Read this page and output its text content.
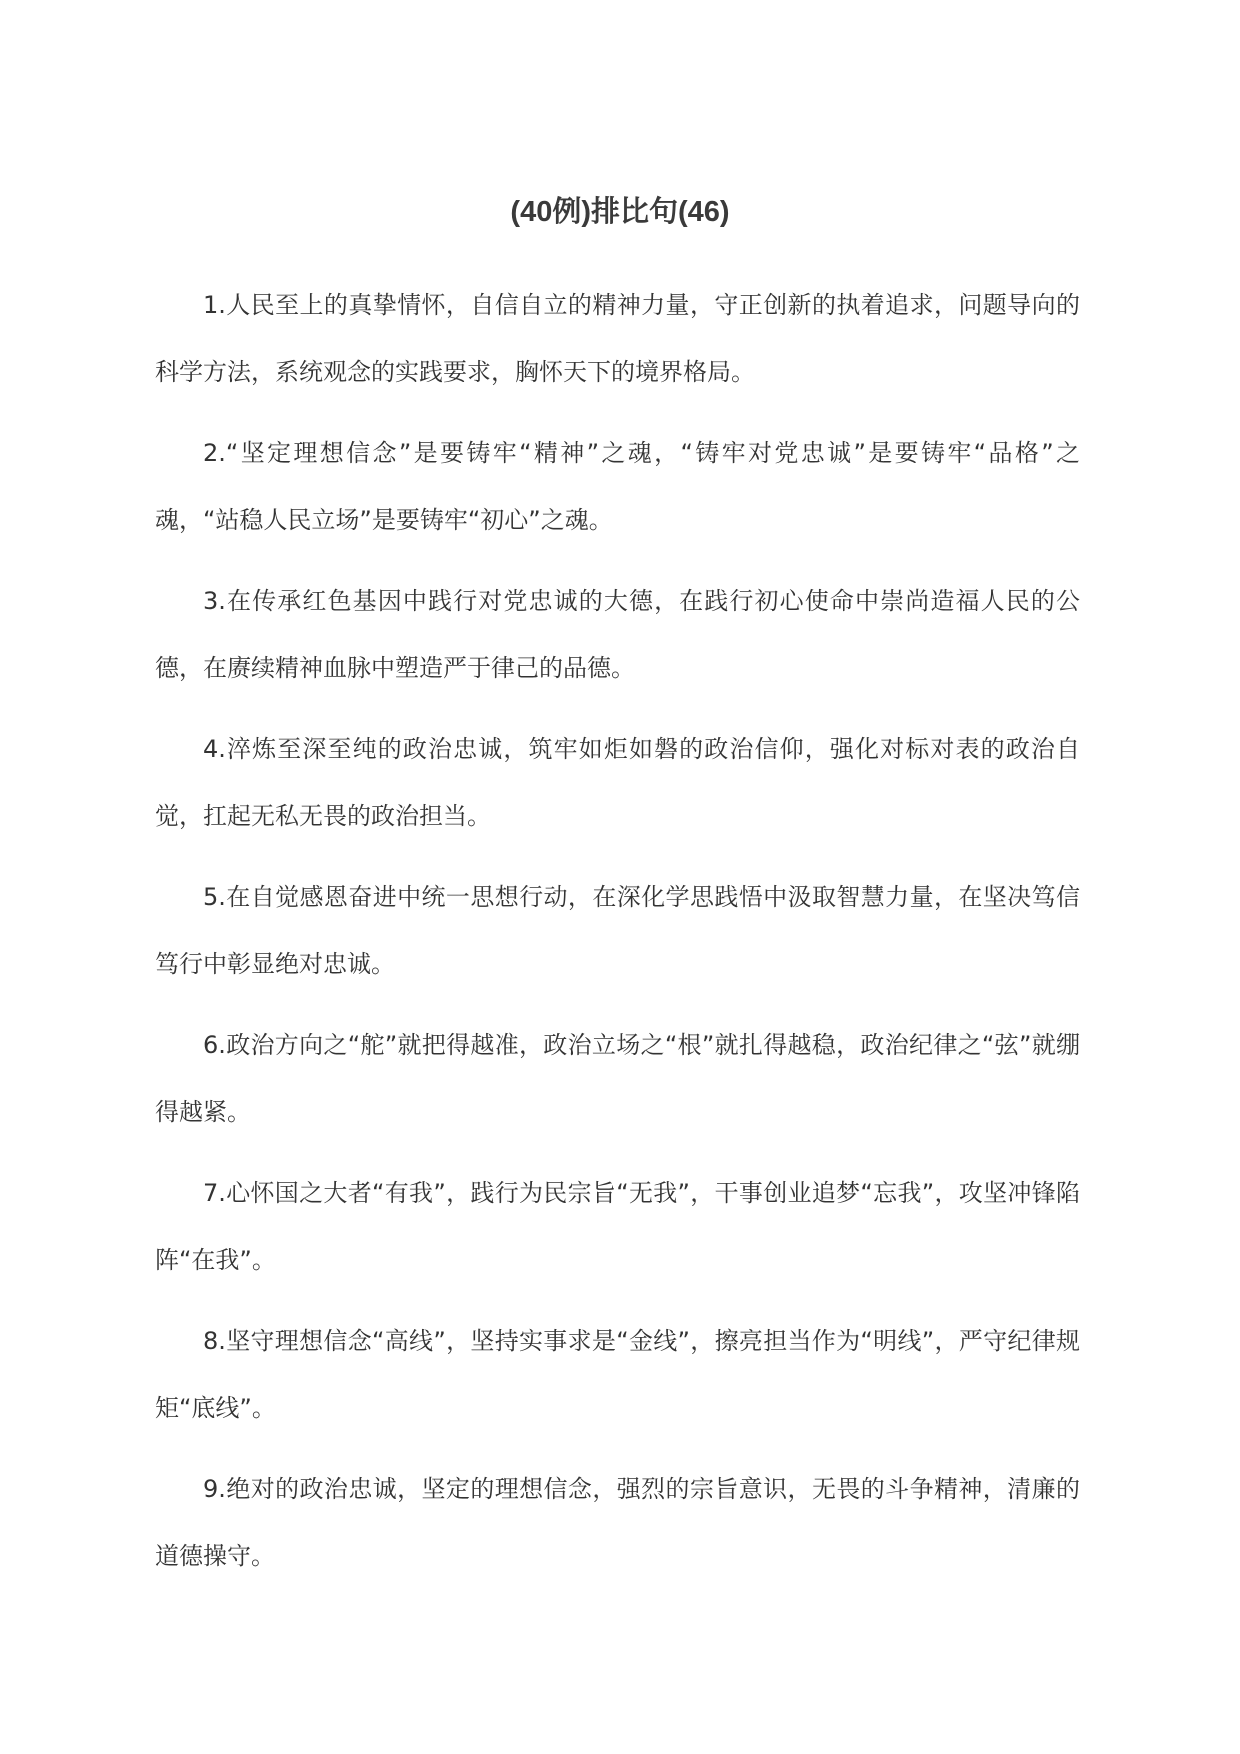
(40例)排比句(46)

1.人民至上的真挚情怀，自信自立的精神力量，守正创新的执着追求，问题导向的科学方法，系统观念的实践要求，胸怀天下的境界格局。

2.“坚定理想信念”是要铸牢“精神”之魂，“铸牢对党忠诚”是要铸牢“品格”之魂，“站稳人民立场”是要铸牢“初心”之魂。

3.在传承红色基因中践行对党忠诚的大德，在践行初心使命中崇尚造福人民的公德，在赓续精神血脉中塑造严于律己的品德。

4.淬炼至深至纯的政治忠诚，筑牢如炬如磐的政治信仰，强化对标对表的政治自觉，扛起无私无畏的政治担当。

5.在自觉感恩奋进中统一思想行动，在深化学思践悟中汲取智慧力量，在坚决笃信笃行中彰显绝对忠诚。

6.政治方向之“舵”就把得越准，政治立场之“根”就扎得越稳，政治纪律之“弦”就绷得越紧。

7.心怀国之大者“有我”，践行为民宗旨“无我”，干事创业追梦“忘我”，攻坚冲锋陷阵“在我”。

8.坚守理想信念“高线”，坚持实事求是“金线”，擦亮担当作为“明线”，严守纪律规矩“底线”。

9.绝对的政治忠诚，坚定的理想信念，强烈的宗旨意识，无畏的斗争精神，清廉的道德操守。
